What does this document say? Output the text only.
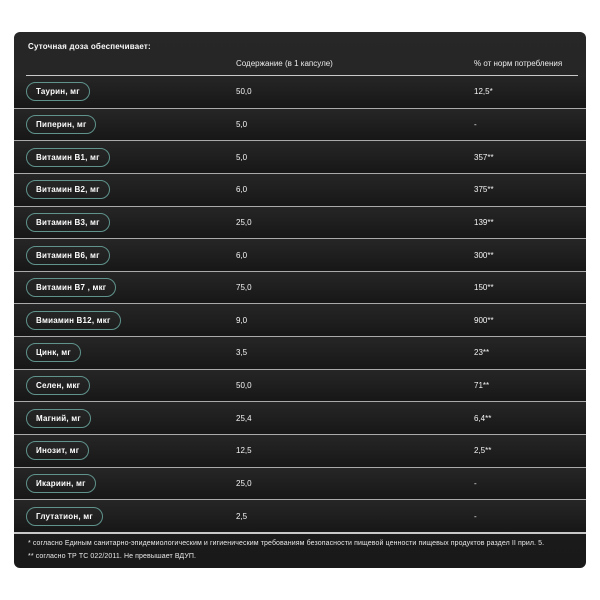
Суточная доза обеспечивает:
Содержание (в 1 капсуле)	% от норм потребления
Таурин, мг	50,0	12,5*
Пиперин, мг	5,0	-
Витамин В1, мг	5,0	357**
Витамин В2, мг	6,0	375**
Витамин В3, мг	25,0	139**
Витамин В6, мг	6,0	300**
Витамин В7 , мкг	75,0	150**
Вмиамин В12, мкг	9,0	900**
Цинк, мг	3,5	23**
Селен, мкг	50,0	71**
Магний, мг	25,4	6,4**
Инозит, мг	12,5	2,5**
Икариин, мг	25,0	-
Глутатион, мг	2,5	-
* согласно Единым санитарно-эпидемиологическим и гигиеническим требованиям безопасности пищевой ценности пищевых продуктов раздел II прил. 5.
** согласно ТР ТС 022/2011. Не превышает ВДУП.
